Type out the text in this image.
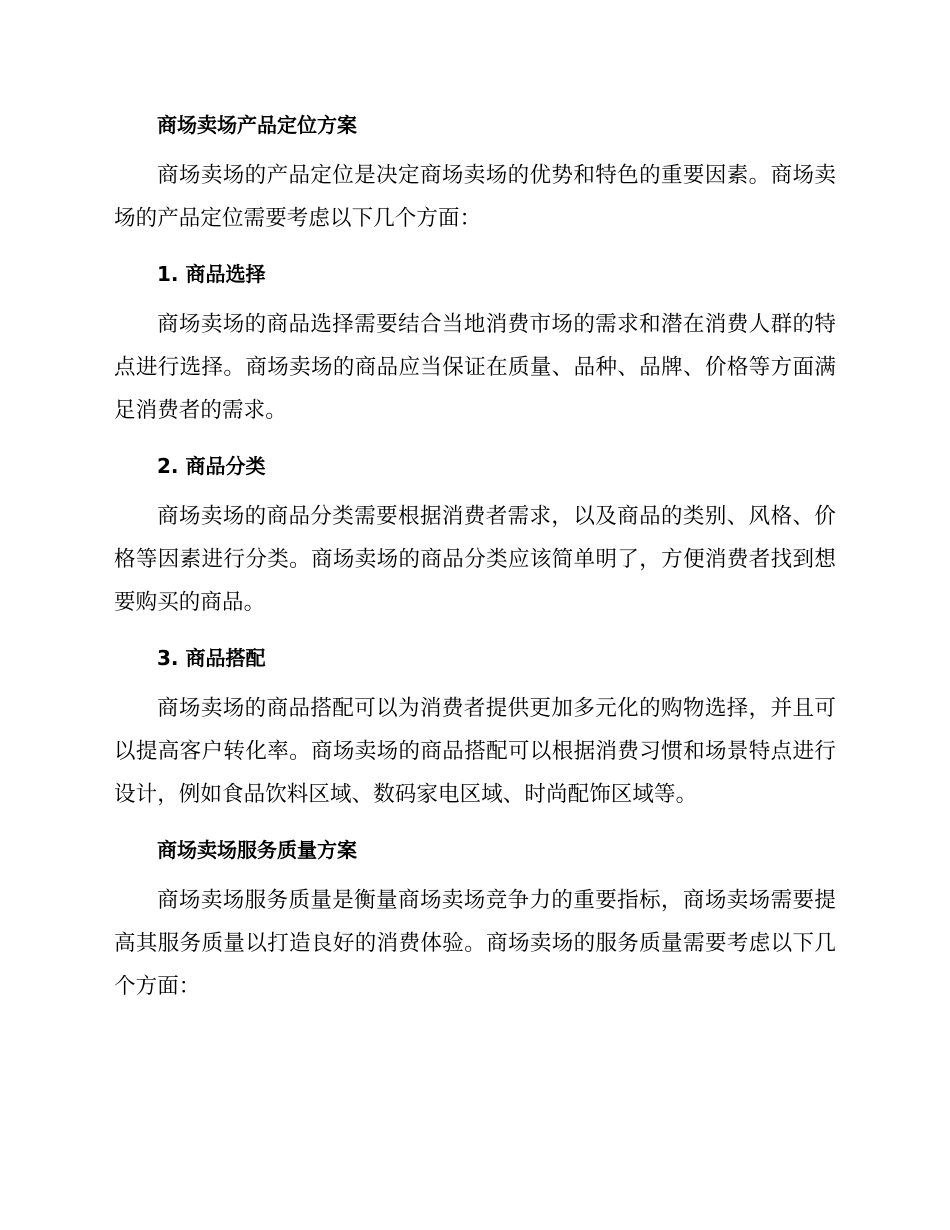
商场卖场产品定位方案

商场卖场的产品定位是决定商场卖场的优势和特色的重要因素。商场卖场的产品定位需要考虑以下几个方面：

1. 商品选择

商场卖场的商品选择需要结合当地消费市场的需求和潜在消费人群的特点进行选择。商场卖场的商品应当保证在质量、品种、品牌、价格等方面满足消费者的需求。

2. 商品分类

商场卖场的商品分类需要根据消费者需求，以及商品的类别、风格、价格等因素进行分类。商场卖场的商品分类应该简单明了，方便消费者找到想要购买的商品。

3. 商品搭配

商场卖场的商品搭配可以为消费者提供更加多元化的购物选择，并且可以提高客户转化率。商场卖场的商品搭配可以根据消费习惯和场景特点进行设计，例如食品饮料区域、数码家电区域、时尚配饰区域等。

商场卖场服务质量方案

商场卖场服务质量是衡量商场卖场竞争力的重要指标，商场卖场需要提高其服务质量以打造良好的消费体验。商场卖场的服务质量需要考虑以下几个方面：
